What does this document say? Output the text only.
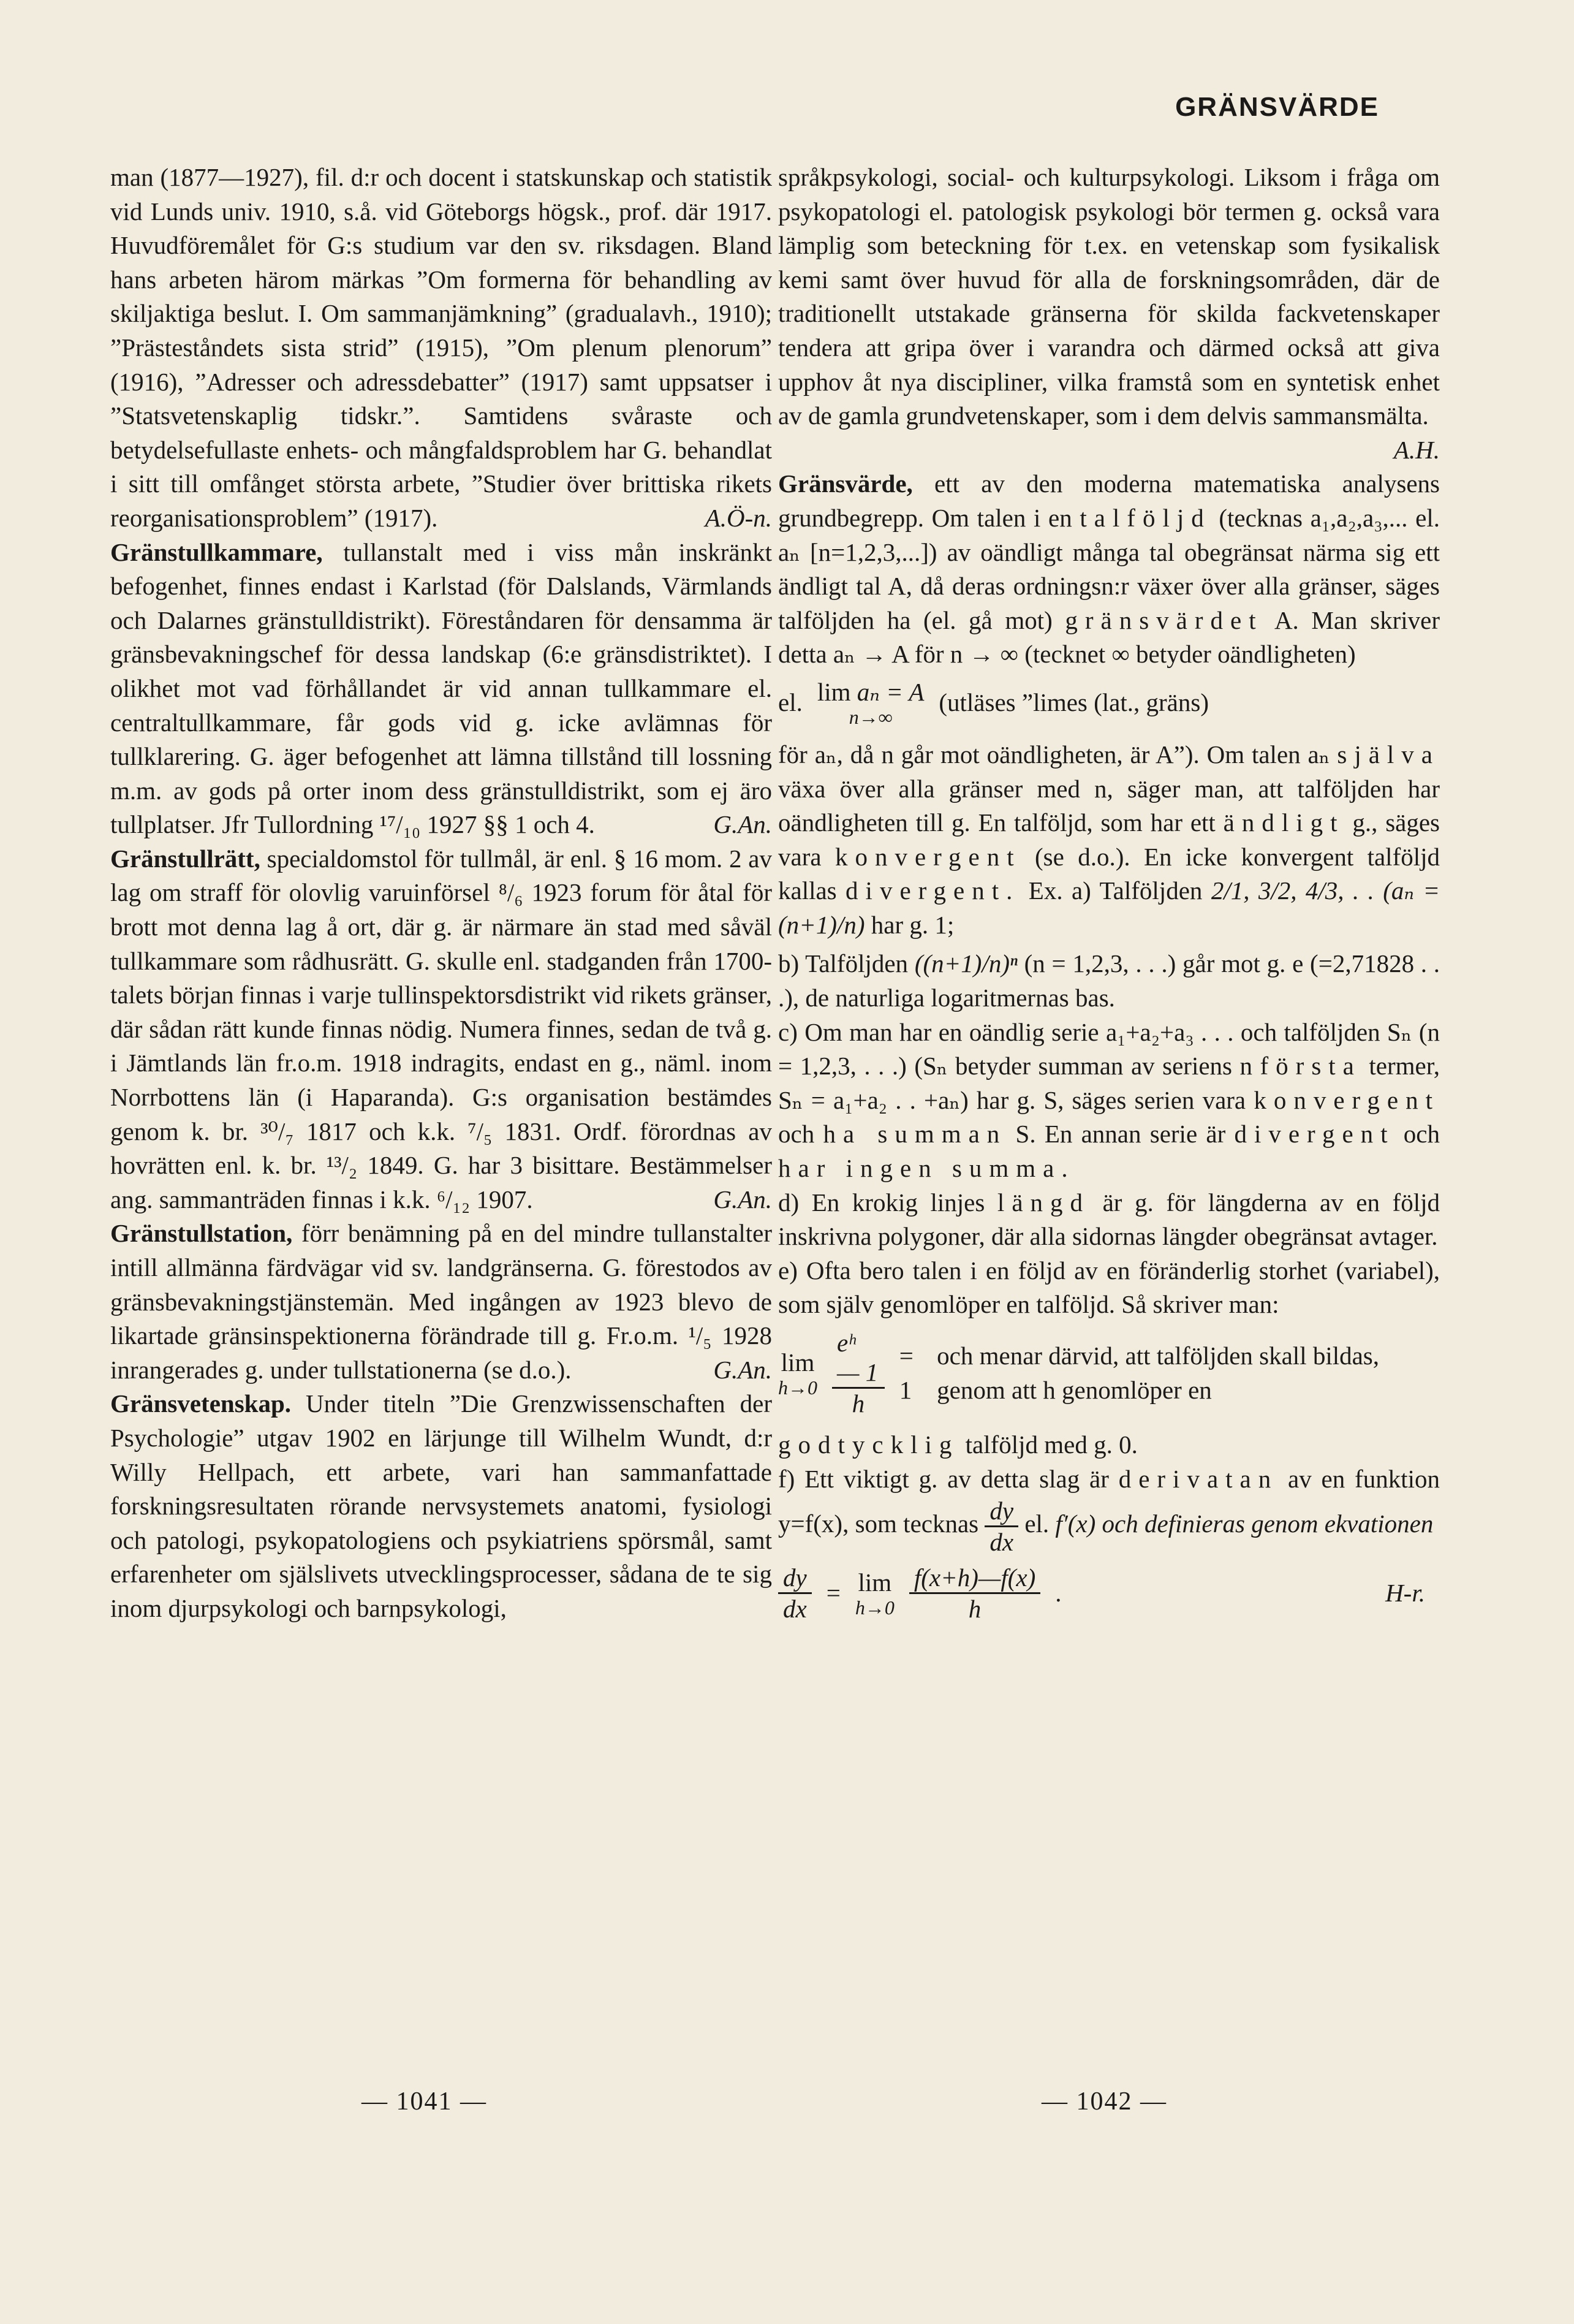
GRÄNSVÄRDE

man (1877—1927), fil. d:r och docent i statskunskap och statistik vid Lunds univ. 1910, s.å. vid Göteborgs högsk., prof. där 1917. Huvudföremålet för G:s studium var den sv. riksdagen. Bland hans arbeten härom märkas ”Om formerna för behandling av skiljaktiga beslut. I. Om sammanjämkning” (gradualavh., 1910); ”Prästeståndets sista strid” (1915), ”Om plenum plenorum” (1916), ”Adresser och adressdebatter” (1917) samt uppsatser i ”Statsvetenskaplig tidskr.”. Samtidens svåraste och betydelsefullaste enhets- och mångfaldsproblem har G. behandlat i sitt till omfånget största arbete, ”Studier över brittiska rikets reorganisationsproblem” (1917).	A.Ö-n.

Gränstullkammare, tullanstalt med i viss mån inskränkt befogenhet, finnes endast i Karlstad (för Dalslands, Värmlands och Dalarnes gränstulldistrikt). Föreståndaren för densamma är gränsbevakningschef för dessa landskap (6:e gränsdistriktet). I olikhet mot vad förhållandet är vid annan tullkammare el. centraltullkammare, får gods vid g. icke avlämnas för tullklarering. G. äger befogenhet att lämna tillstånd till lossning m.m. av gods på orter inom dess gränstulldistrikt, som ej äro tullplatser. Jfr Tullordning ¹⁷/₁₀ 1927 §§ 1 och 4.	G.An.

Gränstullrätt, specialdomstol för tullmål, är enl. § 16 mom. 2 av lag om straff för olovlig varuinförsel ⁸/₆ 1923 forum för åtal för brott mot denna lag å ort, där g. är närmare än stad med såväl tullkammare som rådhusrätt. G. skulle enl. stadganden från 1700-talets början finnas i varje tullinspektorsdistrikt vid rikets gränser, där sådan rätt kunde finnas nödig. Numera finnes, sedan de två g. i Jämtlands län fr.o.m. 1918 indragits, endast en g., näml. inom Norrbottens län (i Haparanda). G:s organisation bestämdes genom k. br. ³⁰/₇ 1817 och k.k. ⁷/₅ 1831. Ordf. förordnas av hovrätten enl. k. br. ¹³/₂ 1849. G. har 3 bisittare. Bestämmelser ang. sammanträden finnas i k.k. ⁶/₁₂ 1907.	G.An.

Gränstullstation, förr benämning på en del mindre tullanstalter intill allmänna färdvägar vid sv. landgränserna. G. förestodos av gränsbevakningstjänstemän. Med ingången av 1923 blevo de likartade gränsinspektionerna förändrade till g. Fr.o.m. ¹/₅ 1928 inrangerades g. under tullstationerna (se d.o.).	G.An.

Gränsvetenskap. Under titeln ”Die Grenzwissenschaften der Psychologie” utgav 1902 en lärjunge till Wilhelm Wundt, d:r Willy Hellpach, ett arbete, vari han sammanfattade forskningsresultaten rörande nervsystemets anatomi, fysiologi och patologi, psykopatologiens och psykiatriens spörsmål, samt erfarenheter om själslivets utvecklingsprocesser, sådana de te sig inom djurpsykologi och barnpsykologi,

språkpsykologi, social- och kulturpsykologi. Liksom i fråga om psykopatologi el. patologisk psykologi bör termen g. också vara lämplig som beteckning för t.ex. en vetenskap som fysikalisk kemi samt över huvud för alla de forskningsområden, där de traditionellt utstakade gränserna för skilda fackvetenskaper tendera att gripa över i varandra och därmed också att giva upphov åt nya discipliner, vilka framstå som en syntetisk enhet av de gamla grundvetenskaper, som i dem delvis sammansmälta.
A.H.

Gränsvärde, ett av den moderna matematiska analysens grundbegrepp. Om talen i en talföljd (tecknas a₁,a₂,a₃,... el. aₙ [n=1,2,3,...]) av oändligt många tal obegränsat närma sig ett ändligt tal A, då deras ordningsn:r växer över alla gränser, säges talföljden ha (el. gå mot) gränsvärdet A. Man skriver detta aₙ → A för n → ∞ (tecknet ∞ betyder oändligheten)

el. lim aₙ = A
n→∞
(utläses ”limes (lat., gräns)

för aₙ, då n går mot oändligheten, är A”). Om talen aₙ själva växa över alla gränser med n, säger man, att talföljden har oändligheten till g. En talföljd, som har ett ändligt g., säges vara konvergent (se d.o.). En icke konvergent talföljd kallas divergent. Ex. a) Talföljden 2/1, 3/2, 4/3, . . (aₙ = (n+1)/n) har g. 1;

b) Talföljden ((n+1)/n)ⁿ (n = 1,2,3, . . .) går mot g. e (=2,71828 . . .), de naturliga logaritmernas bas.

c) Om man har en oändlig serie a₁+a₂+a₃ . . . och talföljden Sₙ (n = 1,2,3, . . .) (Sₙ betyder summan av seriens n första termer, Sₙ = a₁+a₂ . . +aₙ) har g. S, säges serien vara konvergent och ha summan S. En annan serie är divergent och har ingen summa.

d) En krokig linjes längd är g. för längderna av en följd inskrivna polygoner, där alla sidornas längder obegränsat avtager.

e) Ofta bero talen i en följd av en föränderlig storhet (variabel), som själv genomlöper en talföljd. Så skriver man:

lim
$h\to 0 \frac{\text{eʰ — 1}}{h} = 1$
och menar därvid, att talföljden skall bildas, genom att h genomlöper en

godtycklig talföljd med g. 0.

f) Ett viktigt g. av detta slag är derivatan av en funktion y=f(x), som tecknas $\frac{dy}{dx}$ el. f′(x) och definieras genom ekvationen

$\frac{dy}{dx} = \lim$
$h\to 0 \frac{f(x+h)—f(x)}{h}$ .	H-r.
— 1041 —	— 1042 —
